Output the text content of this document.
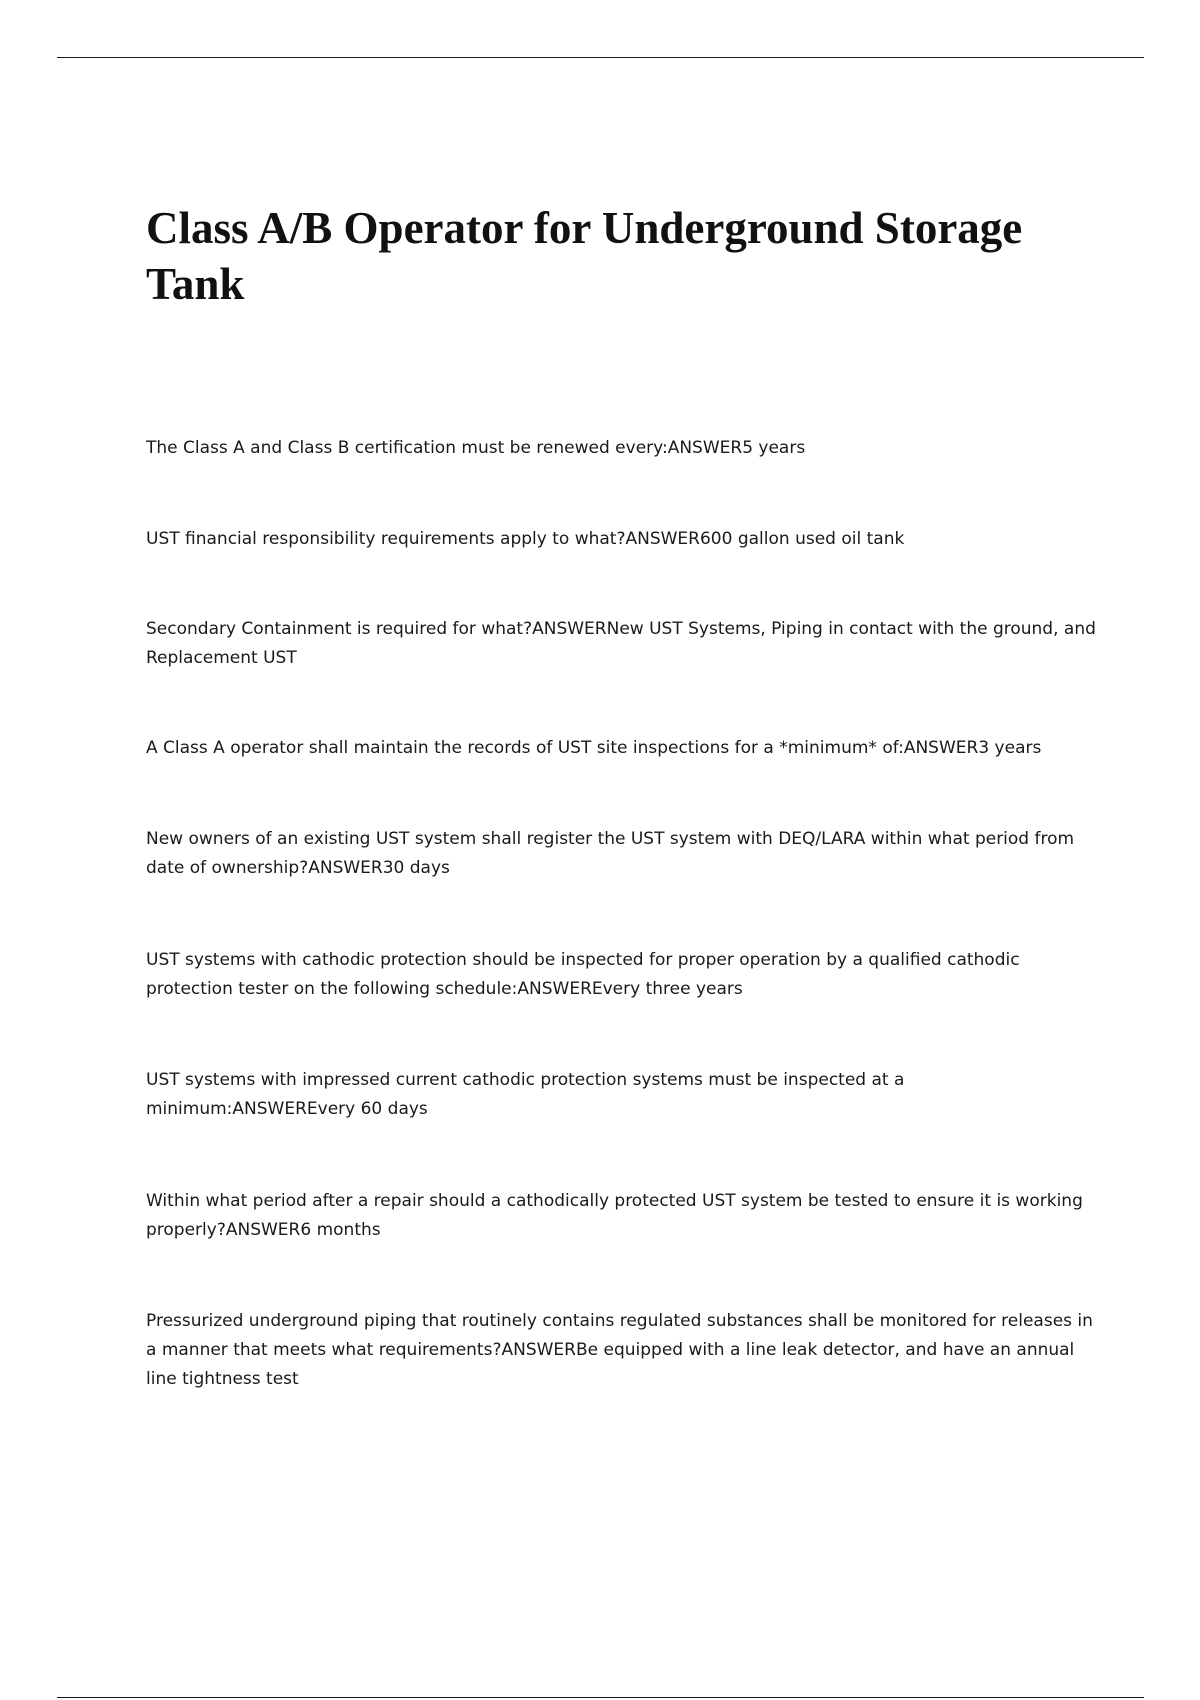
Class A/B Operator for Underground Storage Tank
The Class A and Class B certification must be renewed every:ANSWER5 years
UST financial responsibility requirements apply to what?ANSWER600 gallon used oil tank
Secondary Containment is required for what?ANSWERNew UST Systems, Piping in contact with the ground, and Replacement UST
A Class A operator shall maintain the records of UST site inspections for a *minimum* of:ANSWER3 years
New owners of an existing UST system shall register the UST system with DEQ/LARA within what period from date of ownership?ANSWER30 days
UST systems with cathodic protection should be inspected for proper operation by a qualified cathodic protection tester on the following schedule:ANSWEREvery three years
UST systems with impressed current cathodic protection systems must be inspected at a minimum:ANSWEREvery 60 days
Within what period after a repair should a cathodically protected UST system be tested to ensure it is working properly?ANSWER6 months
Pressurized underground piping that routinely contains regulated substances shall be monitored for releases in a manner that meets what requirements?ANSWERBe equipped with a line leak detector, and have an annual line tightness test
